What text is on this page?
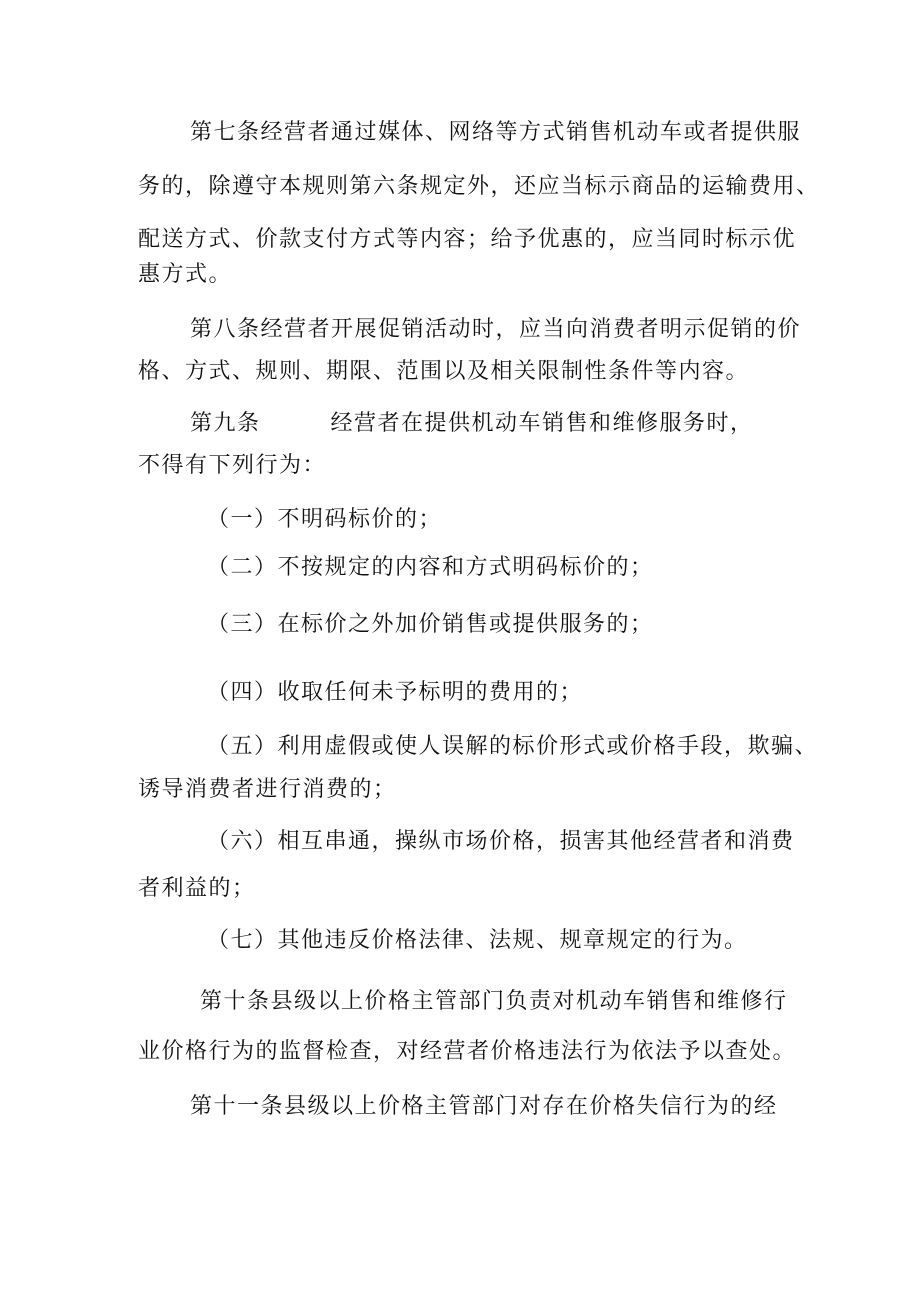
第七条经营者通过媒体、网络等方式销售机动车或者提供服
务的，除遵守本规则第六条规定外，还应当标示商品的运输费用、
配送方式、价款支付方式等内容；给予优惠的，应当同时标示优
惠方式。
第八条经营者开展促销活动时，应当向消费者明示促销的价
格、方式、规则、期限、范围以及相关限制性条件等内容。
第九条	经营者在提供机动车销售和维修服务时，
不得有下列行为：
（一）不明码标价的；
（二）不按规定的内容和方式明码标价的；
（三）在标价之外加价销售或提供服务的；
（四）收取任何未予标明的费用的；
（五）利用虚假或使人误解的标价形式或价格手段，欺骗、
诱导消费者进行消费的；
（六）相互串通，操纵市场价格，损害其他经营者和消费
者利益的；
（七）其他违反价格法律、法规、规章规定的行为。
第十条县级以上价格主管部门负责对机动车销售和维修行
业价格行为的监督检查，对经营者价格违法行为依法予以查处。
第十一条县级以上价格主管部门对存在价格失信行为的经
